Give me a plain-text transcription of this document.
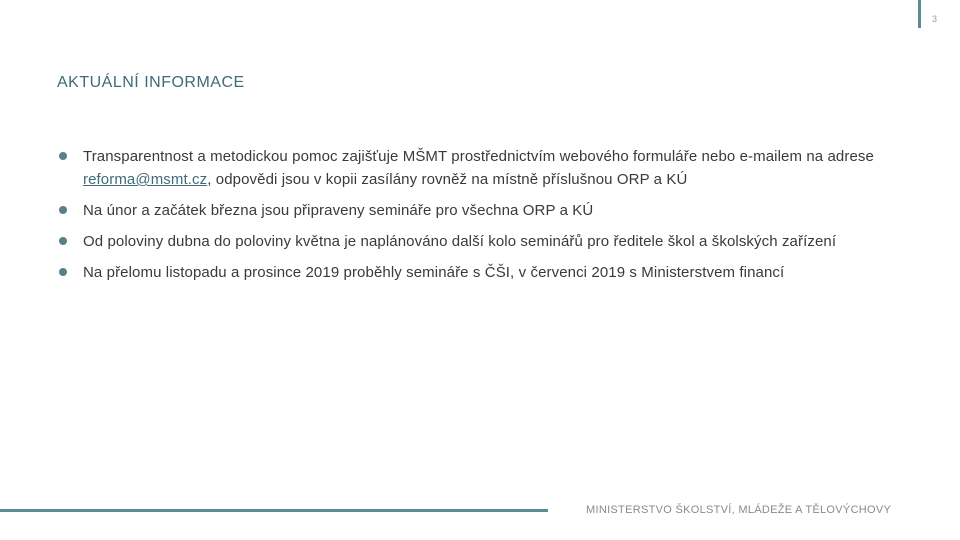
3
AKTUÁLNÍ INFORMACE
Transparentnost a metodickou pomoc zajišťuje MŠMT prostřednictvím webového formuláře nebo e-mailem na adrese reforma@msmt.cz, odpovědi jsou v kopii zasílány rovněž na místně příslušnou ORP a KÚ
Na únor a začátek března jsou připraveny semináře pro všechna ORP a KÚ
Od poloviny dubna do poloviny května je naplánováno další kolo seminářů pro ředitele škol a školských zařízení
Na přelomu listopadu a prosince 2019 proběhly semináře s ČŠI, v červenci 2019 s Ministerstvem financí
MINISTERSTVO ŠKOLSTVÍ, MLÁDEŽE A TĚLOVÝCHOVY
